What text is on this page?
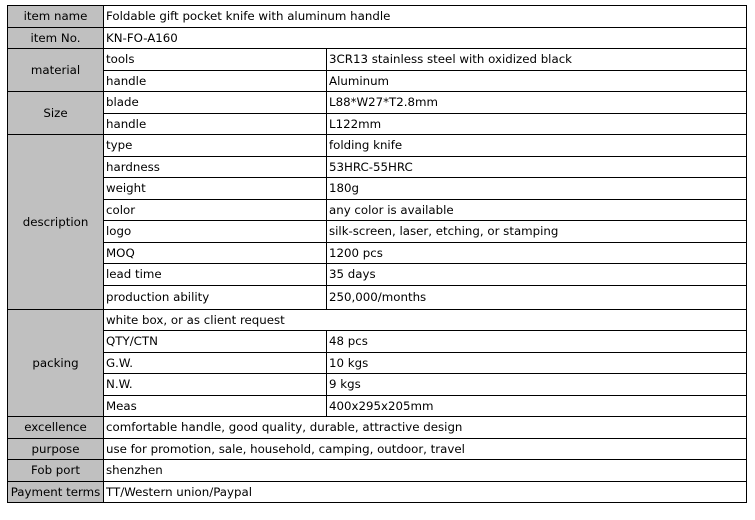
item name	Foldable gift pocket knife with aluminum handle	
item No.	KN-FO-A160	
material	tools	3CR13 stainless steel with oxidized black
	handle	Aluminum
Size	blade	L88*W27*T2.8mm
	handle	L122mm
description	type	folding knife
	hardness	53HRC-55HRC
	weight	180g
	color	any color is available
	logo	silk-screen, laser, etching, or stamping
	MOQ	1200 pcs
	lead time	35 days
	production ability	250,000/months
packing	white box, or as client request	
	QTY/CTN	48 pcs
	G.W.	10 kgs
	N.W.	9 kgs
	Meas	400x295x205mm
excellence	comfortable handle, good quality, durable, attractive design	
purpose	use for promotion, sale, household, camping, outdoor, travel	
Fob port	shenzhen	
Payment terms	TT/Western union/Paypal	
